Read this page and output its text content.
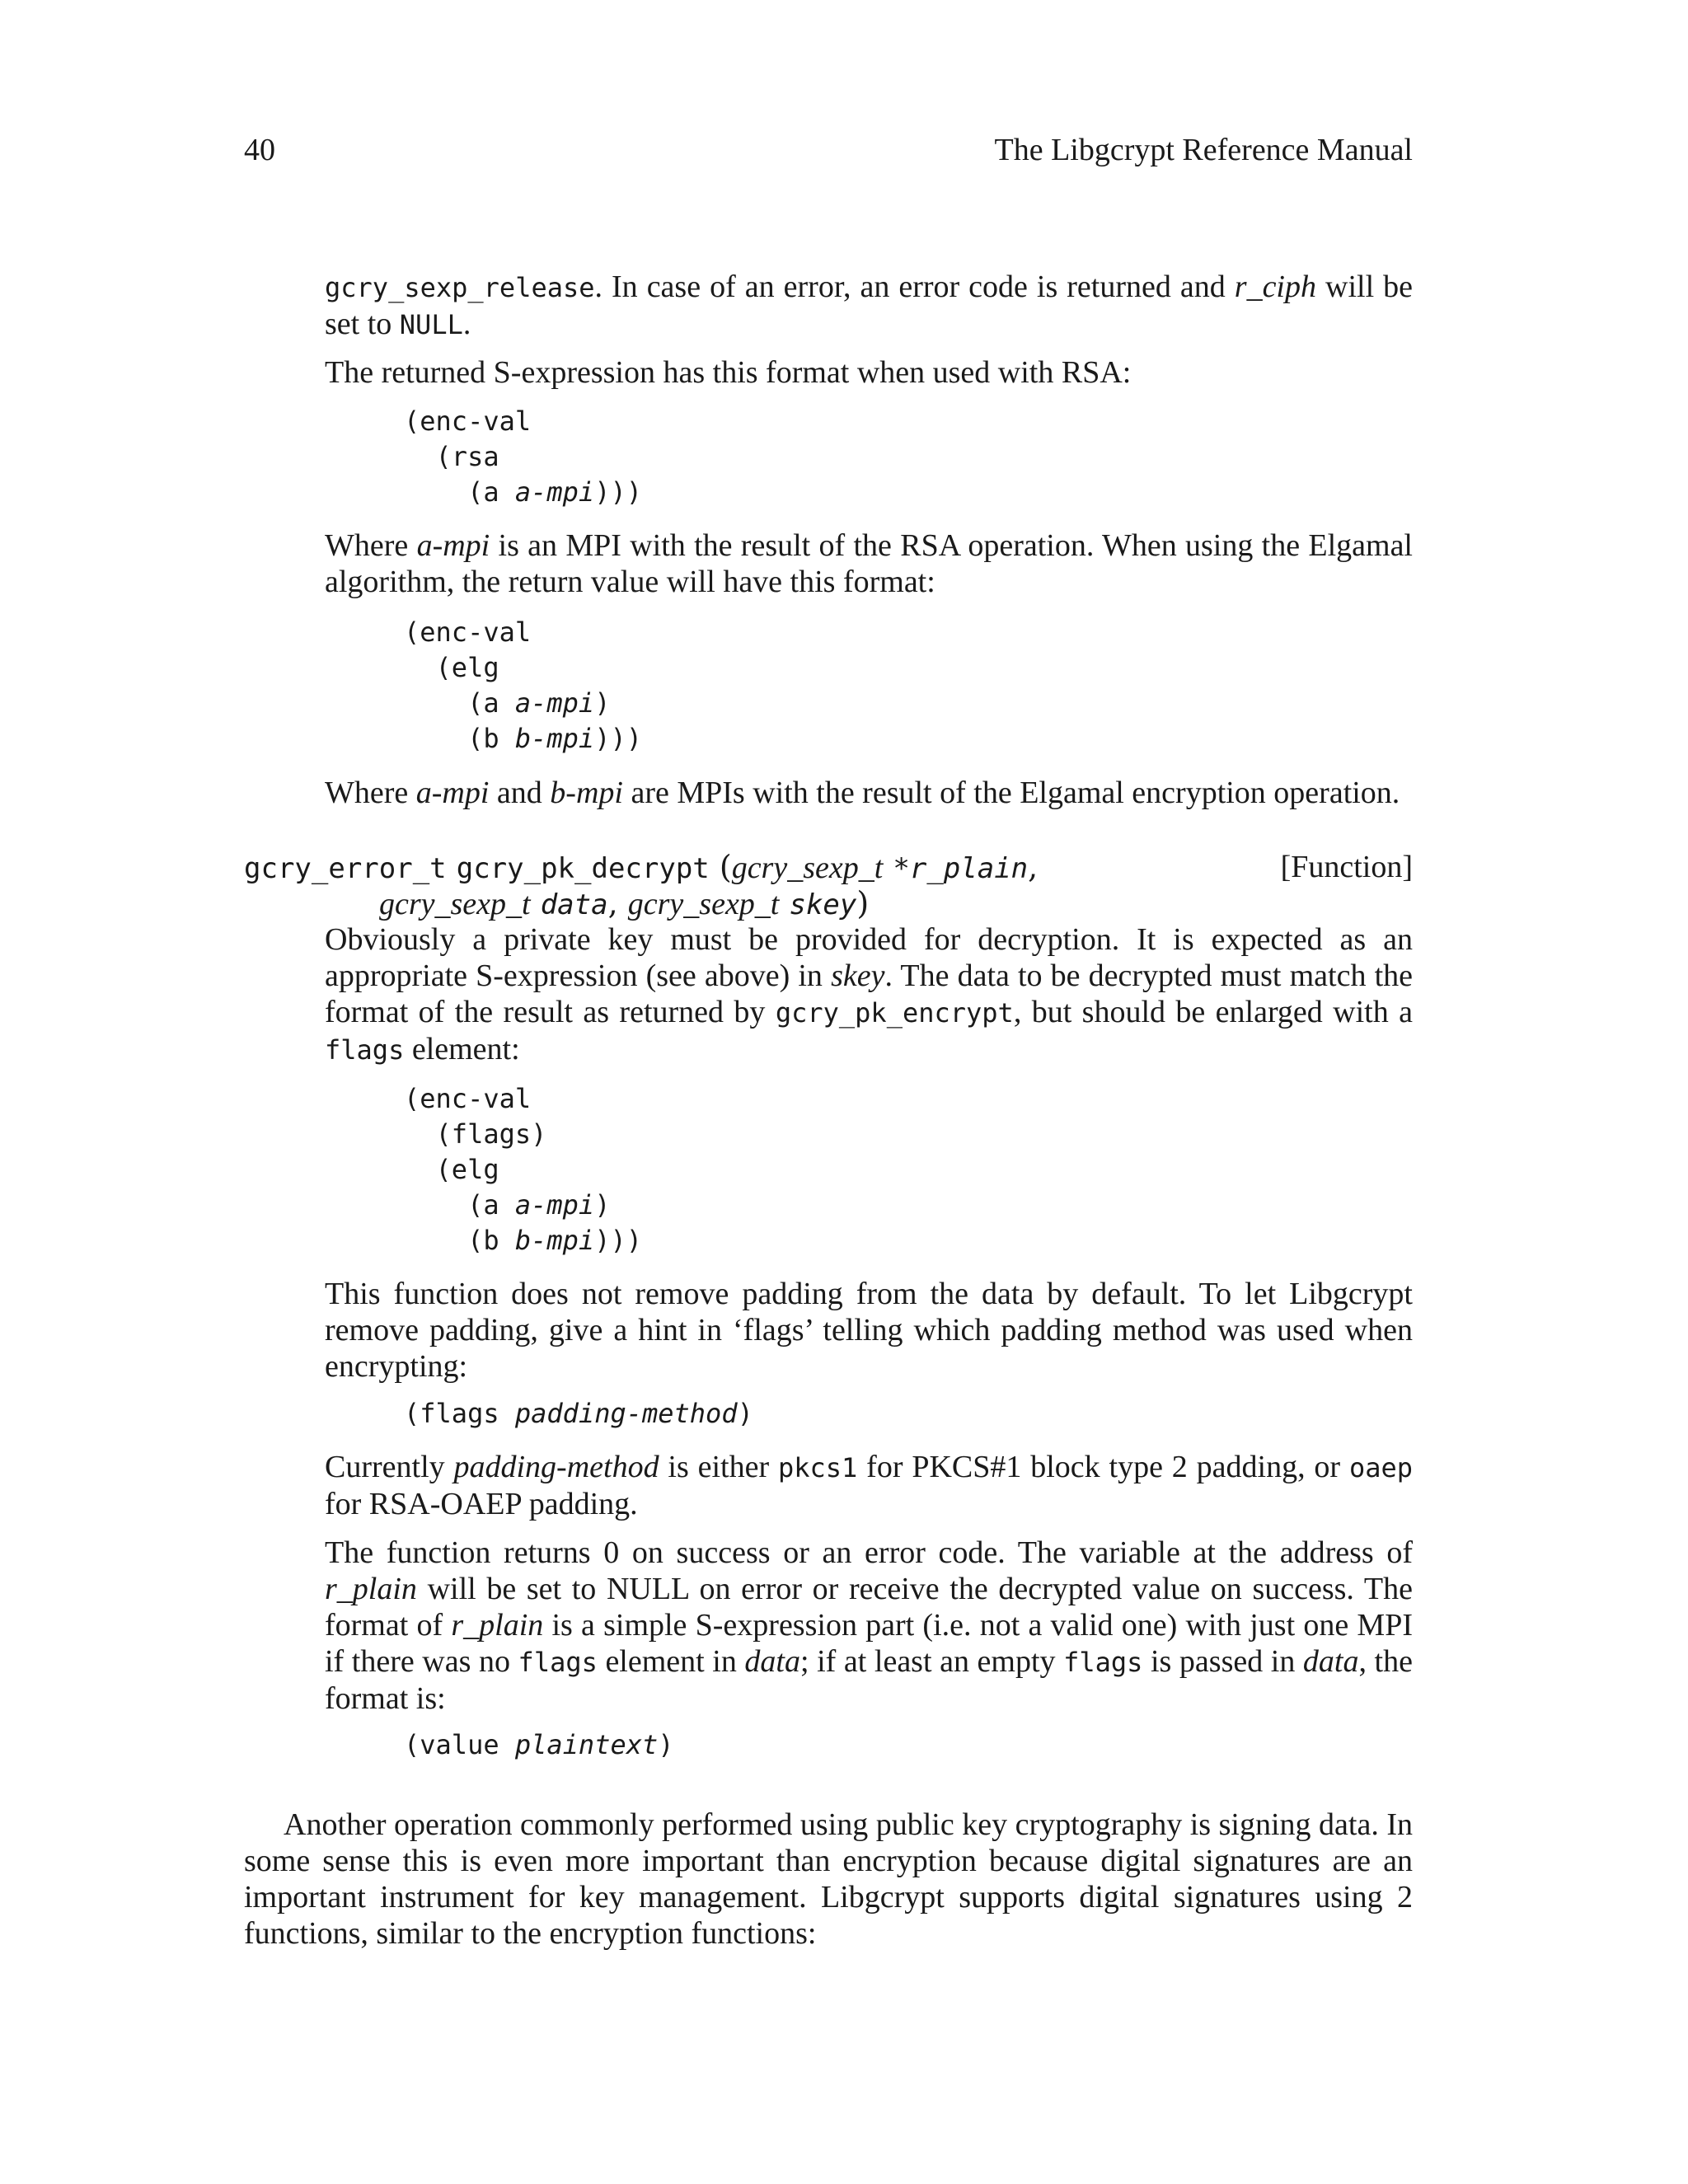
40	The Libgcrypt Reference Manual
gcry_sexp_release. In case of an error, an error code is returned and r_ciph will be set to NULL.
The returned S-expression has this format when used with RSA:
(enc-val
(rsa
(a a-mpi)))
Where a-mpi is an MPI with the result of the RSA operation. When using the Elgamal algorithm, the return value will have this format:
(enc-val
(elg
(a a-mpi)
(b b-mpi)))
Where a-mpi and b-mpi are MPIs with the result of the Elgamal encryption operation.
gcry_error_t gcry_pk_decrypt (gcry_sexp_t *r_plain,	[Function]
gcry_sexp_t data, gcry_sexp_t skey)
Obviously a private key must be provided for decryption. It is expected as an appropriate S-expression (see above) in skey. The data to be decrypted must match the format of the result as returned by gcry_pk_encrypt, but should be enlarged with a flags element:
(enc-val
(flags)
(elg
(a a-mpi)
(b b-mpi)))
This function does not remove padding from the data by default. To let Libgcrypt remove padding, give a hint in ‘flags’ telling which padding method was used when encrypting:
(flags padding-method)
Currently padding-method is either pkcs1 for PKCS#1 block type 2 padding, or oaep for RSA-OAEP padding.
The function returns 0 on success or an error code. The variable at the address of r_plain will be set to NULL on error or receive the decrypted value on success. The format of r_plain is a simple S-expression part (i.e. not a valid one) with just one MPI if there was no flags element in data; if at least an empty flags is passed in data, the format is:
(value plaintext)
Another operation commonly performed using public key cryptography is signing data. In some sense this is even more important than encryption because digital signatures are an important instrument for key management. Libgcrypt supports digital signatures using 2 functions, similar to the encryption functions:
